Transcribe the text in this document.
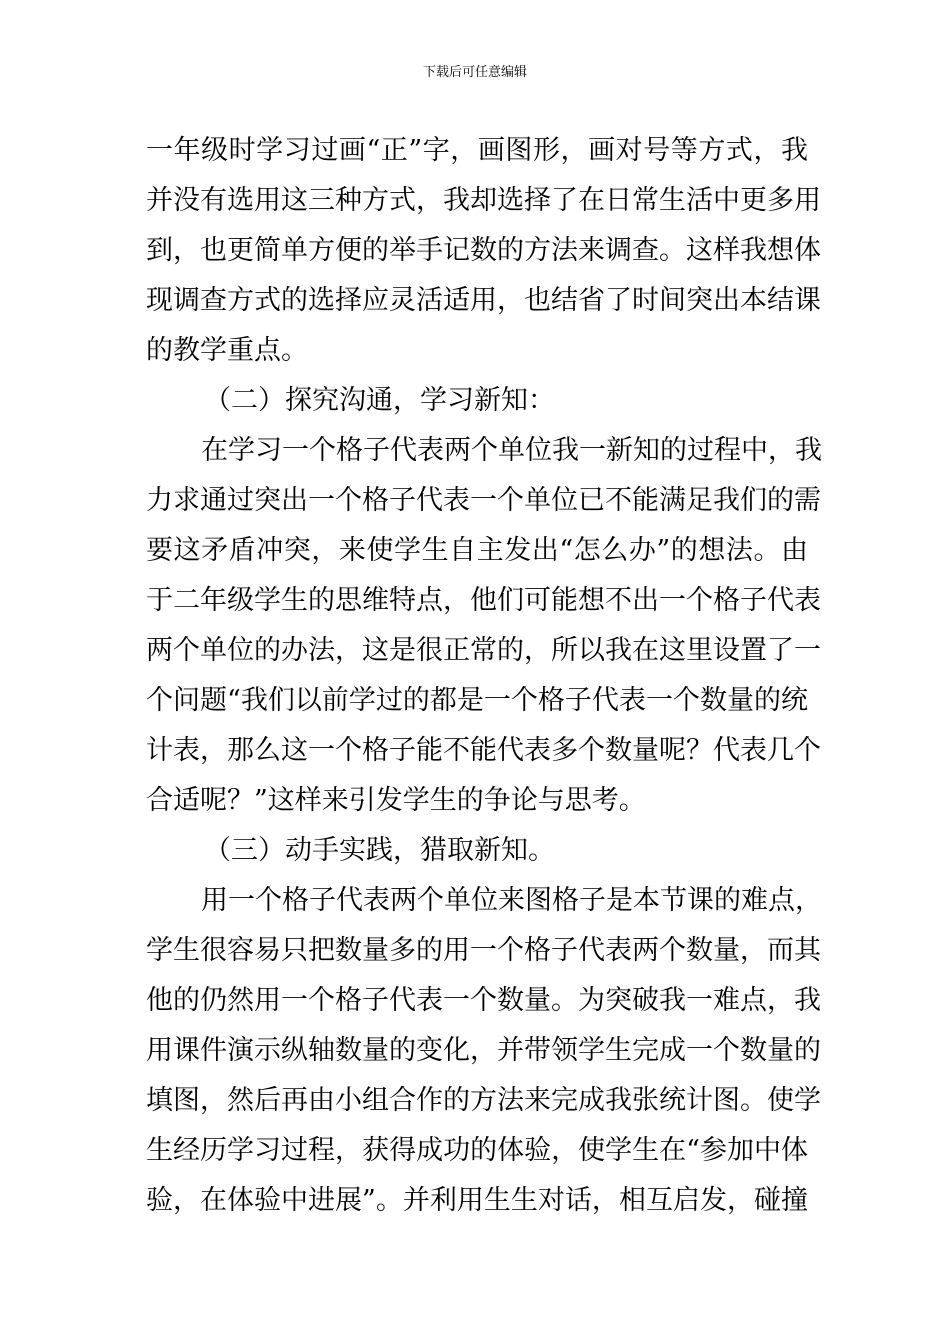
下载后可任意编辑
一年级时学习过画“正”字，画图形，画对号等方式，我
并没有选用这三种方式，我却选择了在日常生活中更多用
到，也更简单方便的举手记数的方法来调查。这样我想体
现调查方式的选择应灵活适用，也结省了时间突出本结课
的教学重点。
（二）探究沟通，学习新知：
在学习一个格子代表两个单位我一新知的过程中，我
力求通过突出一个格子代表一个单位已不能满足我们的需
要这矛盾冲突，来使学生自主发出“怎么办”的想法。由
于二年级学生的思维特点，他们可能想不出一个格子代表
两个单位的办法，这是很正常的，所以我在这里设置了一
个问题“我们以前学过的都是一个格子代表一个数量的统
计表，那么这一个格子能不能代表多个数量呢？代表几个
合适呢？”这样来引发学生的争论与思考。
（三）动手实践，猎取新知。
用一个格子代表两个单位来图格子是本节课的难点，
学生很容易只把数量多的用一个格子代表两个数量，而其
他的仍然用一个格子代表一个数量。为突破我一难点，我
用课件演示纵轴数量的变化，并带领学生完成一个数量的
填图，然后再由小组合作的方法来完成我张统计图。使学
生经历学习过程，获得成功的体验，使学生在“参加中体
验，在体验中进展”。并利用生生对话，相互启发，碰撞
